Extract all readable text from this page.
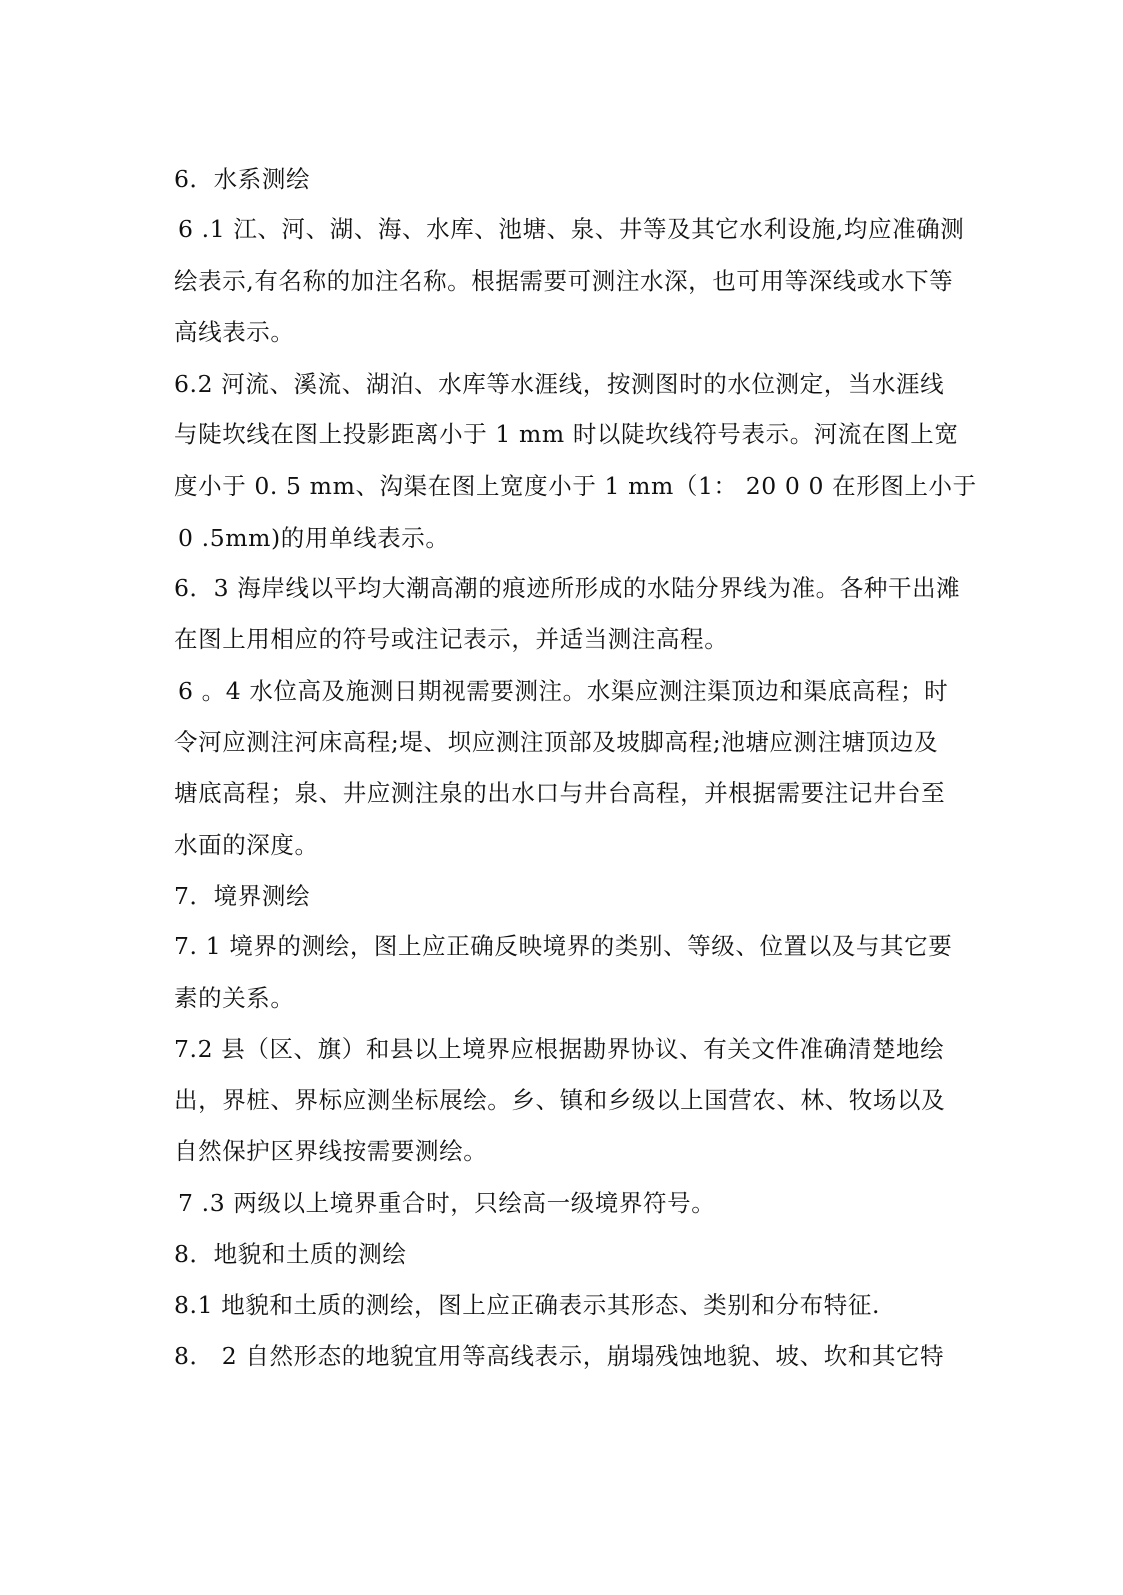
6．水系测绘
6 .1 江、河、湖、海、水库、池塘、泉、井等及其它水利设施,均应准确测
绘表示,有名称的加注名称。根据需要可测注水深，也可用等深线或水下等
高线表示。
6.2 河流、溪流、湖泊、水库等水涯线，按测图时的水位测定，当水涯线
与陡坎线在图上投影距离小于 1 mm 时以陡坎线符号表示。河流在图上宽
度小于 0. 5 mm、沟渠在图上宽度小于 1 mm（1： 20 0 0 在形图上小于
0 .5mm)的用单线表示。
6．3 海岸线以平均大潮高潮的痕迹所形成的水陆分界线为准。各种干出滩
在图上用相应的符号或注记表示，并适当测注高程。
6 。4 水位高及施测日期视需要测注。水渠应测注渠顶边和渠底高程；时
令河应测注河床高程;堤、坝应测注顶部及坡脚高程;池塘应测注塘顶边及
塘底高程；泉、井应测注泉的出水口与井台高程，并根据需要注记井台至
水面的深度。
7．境界测绘
7. 1 境界的测绘，图上应正确反映境界的类别、等级、位置以及与其它要
素的关系。
7.2 县（区、旗）和县以上境界应根据勘界协议、有关文件准确清楚地绘
出，界桩、界标应测坐标展绘。乡、镇和乡级以上国营农、林、牧场以及
自然保护区界线按需要测绘。
7 .3 两级以上境界重合时，只绘高一级境界符号。
8．地貌和土质的测绘
8.1 地貌和土质的测绘，图上应正确表示其形态、类别和分布特征.
8． 2 自然形态的地貌宜用等高线表示，崩塌残蚀地貌、坡、坎和其它特
